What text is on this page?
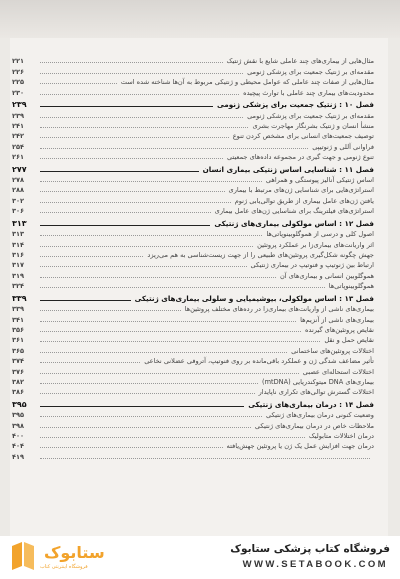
مثال‌هایی از بیماری‌های چند عاملی شایع با نقش ژنتیک
۲۲۱
مقدمه‌ای بر ژنتیک جمعیت برای پزشکی ژنومی
۲۲۶
مثال‌هایی از صفات چند عاملی که عوامل محیطی و ژنتیکی مربوط به آن‌ها شناخته شده است
۲۲۵
محدودیت‌های بیماری چند عاملی با توارث پیچیده
۲۳۰
فصل ۱۰ : ژنتیک جمعیت برای پزشکی ژنومی
۲۳۹
مقدمه‌ای بر ژنتیک جمعیت برای پزشکی ژنومی
۲۳۹
منشأ انسان و ژنتیک بشر‌نگار مهاجرت بشری
۲۴۱
توصیف جمعیت‌های انسانی برای مشخص کردن تنوع
۲۴۲
فراوانی آللی و ژنوتیپی
۲۵۴
تنوع ژنومی و جهت گیری در مجموعه داده‌های جمعیتی
۲۶۱
فصل ۱۱ : شناسایی اساس ژنتیکی بیماری انسان
۲۷۷
اساس ژنتیکی آنالیز پیوستگی و همراهی
۲۷۸
استراتژی‌هایی برای شناسایی ژن‌های مرتبط با بیماری
۲۸۸
یافتن ژن‌های عامل بیماری از طریق توالی‌یابی ژنوم
۳۰۲
استراتژی‌های فیلترینگ برای شناسایی ژن‌های عامل بیماری
۳۰۶
فصل ۱۲ : اساس مولکولی بیماری‌های ژنتیکی
۳۱۳
اصول کلی و درسی از هموگلوبینوپاتی‌ها
۳۱۳
اثر واریانت‌های بیماری‌زا بر عملکرد پروتئین
۳۱۴
جهش چگونه شکل‌گیری پروتئین‌های طبیعی را از جهت زیست‌شناسی به هم می‌ریزد
۳۱۶
ارتباط بین ژنوتیپ و فنوتیپ در بیماری ژنتیکی
۳۱۷
هموگلوبین انسانی و بیماری‌های آن
۳۱۹
هموگلوبینوپاتی‌ها
۳۲۴
فصل ۱۳ : اساس مولکولی، بیوشیمیایی و سلولی بیماری‌های ژنتیکی
۳۳۹
بیماری‌های ناشی از واریانت‌های بیماری‌زا در رده‌های مختلف پروتئین‌ها
۳۳۹
بیماری‌های ناشی از آنزیم‌ها
۳۴۱
نقایص پروتئین‌های گیرنده
۳۵۶
نقایص حمل و نقل
۳۶۱
اختلالات پروتئین‌های ساختمانی
۳۶۵
تأثیر مضاعف شدگی ژن و عملکرد باقی‌مانده بر روی فنوتیپ، آتروفی عضلانی نخاعی
۳۷۴
اختلالات استحاله‌ای عصبی
۳۷۶
بیماری‌های DNA میتوکندریایی (mtDNA)
۳۸۲
اختلالات گسترش توالی‌های تکراری ناپایدار
۳۸۶
فصل ۱۴ : درمان بیماری‌های ژنتیکی
۳۹۵
وضعیت کنونی درمان بیماری‌های ژنتیکی
۳۹۵
ملاحظات خاص در درمان بیماری‌های ژنتیکی
۳۹۸
درمان اختلالات متابولیک
۴۰۰
درمان جهت افزایش عمل یک ژن یا پروتئین جهش‌یافته
۴۰۴
۴۱۹
ستابوک
فروشگاه اینترنتی کتاب
فروشگاه کتاب پزشکی ستابوک
WWW.SETABOOK.COM
